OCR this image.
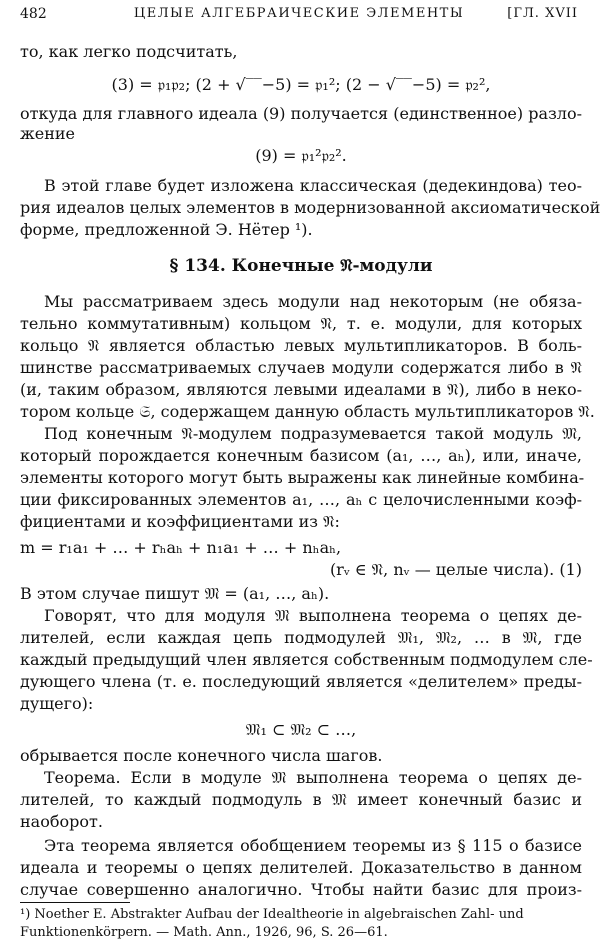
482	ЦЕЛЫЕ АЛГЕБРАИЧЕСКИЕ ЭЛЕМЕНТЫ	[ГЛ. XVII
то, как легко подсчитать,
(3) = 𝔭₁𝔭₂; (2 + √‾‾−5) = 𝔭₁²; (2 − √‾‾−5) = 𝔭₂²,
откуда для главного идеала (9) получается (единственное) разло-
жение
(9) = 𝔭₁²𝔭₂².
В этой главе будет изложена классическая (дедекиндова) тео-
рия идеалов целых элементов в модернизованной аксиоматической
форме, предложенной Э. Нётер ¹).
§ 134. Конечные 𝔑-модули
Мы рассматриваем здесь модули над некоторым (не обяза-
тельно коммутативным) кольцом 𝔑, т. е. модули, для которых
кольцо 𝔑 является областью левых мультипликаторов. В боль-
шинстве рассматриваемых случаев модули содержатся либо в 𝔑
(и, таким образом, являются левыми идеалами в 𝔑), либо в неко-
тором кольце 𝔖, содержащем данную область мультипликаторов 𝔑.
Под конечным 𝔑-модулем подразумевается такой модуль 𝔐,
который порождается конечным базисом (a₁, …, aₕ), или, иначе,
элементы которого могут быть выражены как линейные комбина-
ции фиксированных элементов a₁, …, aₕ с целочисленными коэф-
фициентами и коэффициентами из 𝔑:
m = r₁a₁ + … + rₕaₕ + n₁a₁ + … + nₕaₕ,
(rᵥ ∈ 𝔑, nᵥ — целые числа). (1)
В этом случае пишут 𝔐 = (a₁, …, aₕ).
Говорят, что для модуля 𝔐 выполнена теорема о цепях де-
лителей, если каждая цепь подмодулей 𝔐₁, 𝔐₂, … в 𝔐, где
каждый предыдущий член является собственным подмодулем сле-
дующего члена (т. е. последующий является «делителем» преды-
дущего):
𝔐₁ ⊂ 𝔐₂ ⊂ …,
обрывается после конечного числа шагов.
Теорема. Если в модуле 𝔐 выполнена теорема о цепях де-
лителей, то каждый подмодуль в 𝔐 имеет конечный базис и
наоборот.
Эта теорема является обобщением теоремы из § 115 о базисе
идеала и теоремы о цепях делителей. Доказательство в данном
случае совершенно аналогично. Чтобы найти базис для произ-
¹) Noether E. Abstrakter Aufbau der Idealtheorie in algebraischen Zahl- und
Funktionenkörpern. — Math. Ann., 1926, 96, S. 26—61.
